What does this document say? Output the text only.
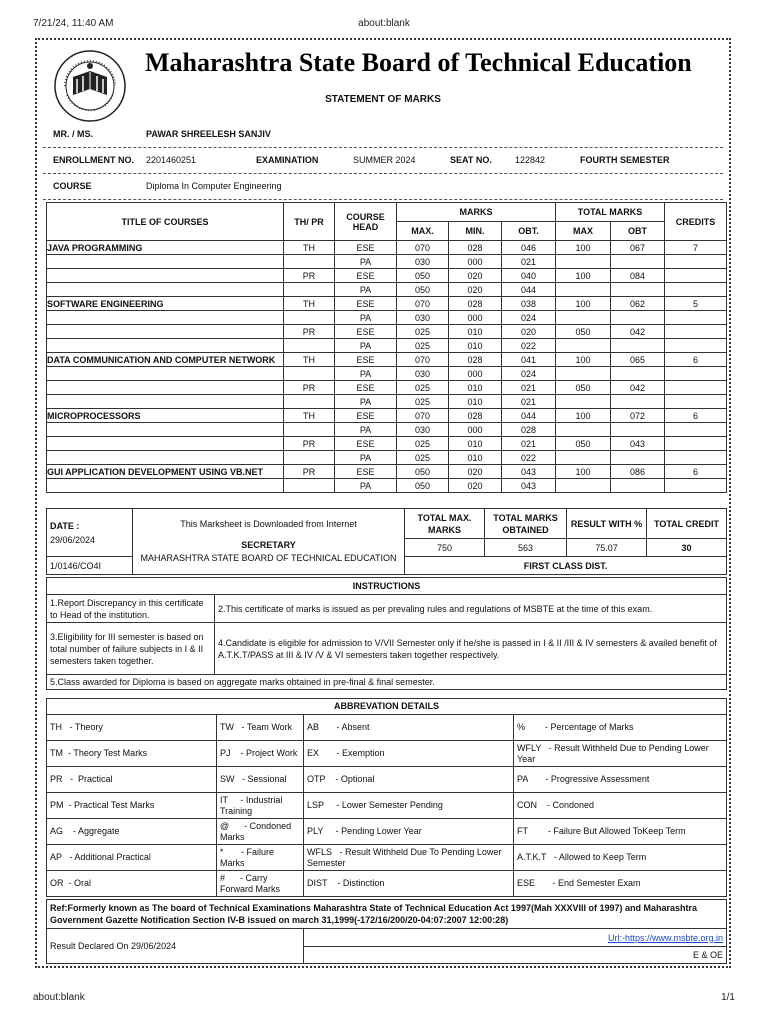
7/21/24, 11:40 AM	about:blank
Maharashtra State Board of Technical Education
STATEMENT OF MARKS
MR. / MS.	PAWAR SHREELESH SANJIV
ENROLLMENT NO. 2201460251	EXAMINATION	SUMMER 2024	SEAT NO.	122842	FOURTH SEMESTER
COURSE	Diploma In Computer Engineering
TITLE OF COURSES	TH/ PR	COURSE HEAD	MARKS			TOTAL MARKS		CREDITS
			MAX.	MIN.	OBT.	MAX	OBT	
JAVA PROGRAMMING	TH	ESE	070	028	046	100	067	7
		PA	030	000	021			
	PR	ESE	050	020	040	100	084	
		PA	050	020	044			
SOFTWARE ENGINEERING	TH	ESE	070	028	038	100	062	5
		PA	030	000	024			
	PR	ESE	025	010	020	050	042	
		PA	025	010	022			
DATA COMMUNICATION AND COMPUTER NETWORK	TH	ESE	070	028	041	100	065	6
		PA	030	000	024			
	PR	ESE	025	010	021	050	042	
		PA	025	010	021			
MICROPROCESSORS	TH	ESE	070	028	044	100	072	6
		PA	030	000	028			
	PR	ESE	025	010	021	050	043	
		PA	025	010	022			
GUI APPLICATION DEVELOPMENT USING VB.NET	PR	ESE	050	020	043	100	086	6
		PA	050	020	043			
DATE :
29/06/2024	This Marksheet is Downloaded from Internet	TOTAL MAX. MARKS	TOTAL MARKS OBTAINED	RESULT WITH %	TOTAL CREDIT

	SECRETARY
MAHARASHTRA STATE BOARD OF TECHNICAL EDUCATION	750	563	75.07	30
1/0146/CO4I		FIRST CLASS DIST.			
INSTRUCTIONS	
1.Report Discrepancy in this certificate to Head of the institution.	2.This certificate of marks is issued as per prevaling rules and regulations of MSBTE at the time of this exam.
3.Eligibility for III semester is based on total number of failure subjects in I & II semesters taken together.	4.Candidate is eligible for admission to V/VII Semester only if he/she is passed in I & II /III & IV semesters & availed benefit of A.T.K.T/PASS at III & IV /V & VI semesters taken together respectively.
5.Class awarded for Diploma is based on aggregate marks obtained in pre-final & final semester.	
ABBREVATION DETAILS			
TH   - Theory	TW   - Team Work	AB       - Absent	%        - Percentage of Marks
TM  - Theory Test Marks	PJ    - Project Work	EX       - Exemption	WFLY   - Result Withheld Due to Pending Lower Year
PR   -  Practical	SW   - Sessional	OTP    - Optional	PA       - Progressive Assessment
PM  - Practical Test Marks	IT     - Industrial Training	LSP     - Lower Semester Pending	CON    - Condoned
AG    - Aggregate	@      - Condoned Marks	PLY     - Pending Lower Year	FT        - Failure But Allowed ToKeep Term
AP   - Additional Practical	*       - Failure Marks	WFLS   - Result Withheld Due To Pending Lower Semester	A.T.K.T   - Allowed to Keep Term
OR  - Oral	#      - Carry Forward Marks	DIST    - Distinction	ESE       - End Semester Exam
Ref:Formerly known as The board of Technical Examinations Maharashtra State of Technical Education Act 1997(Mah XXXVIII of 1997) and Maharashtra Government Gazette Notification Section IV-B issued on march 31,1999(-172/16/200/20-04:07:2007 12:00:28)
Result Declared On 29/06/2024	Url:-https://www.msbte.org.in
E & OE
about:blank	1/1
